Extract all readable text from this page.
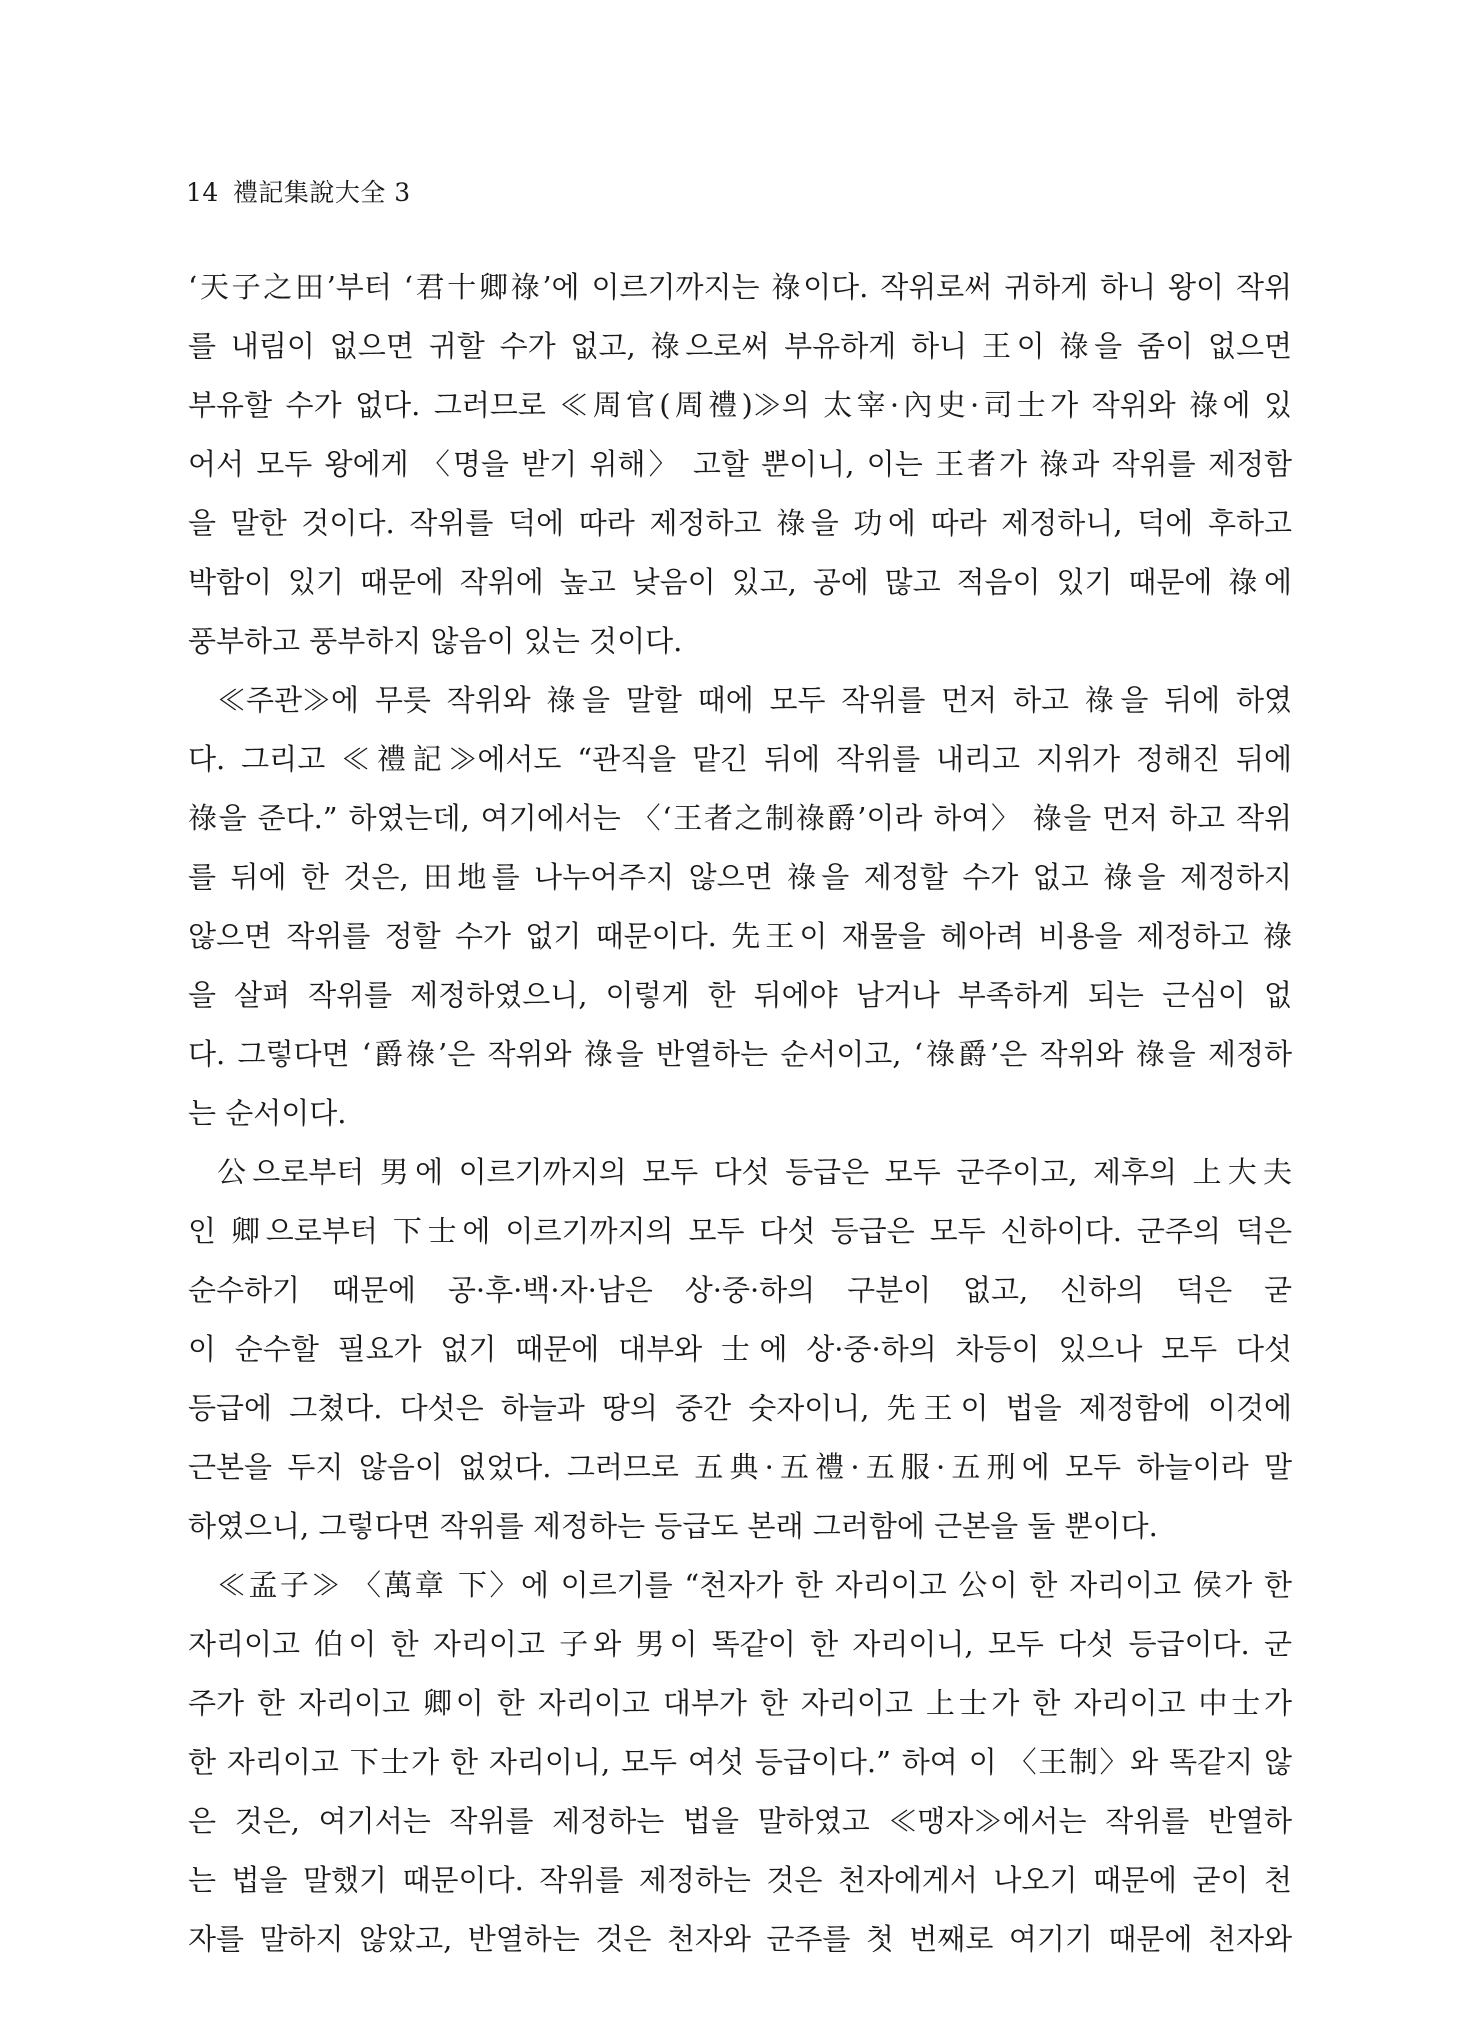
14 禮記集說大全 3
‘天子之田’부터 ‘君十卿祿’에 이르기까지는 祿이다. 작위로써 귀하게 하니 왕이 작위
를 내림이 없으면 귀할 수가 없고, 祿으로써 부유하게 하니 王이 祿을 줌이 없으면
부유할 수가 없다. 그러므로 ≪周官(周禮)≫의 太宰·內史·司士가 작위와 祿에 있
어서 모두 왕에게 〈명을 받기 위해〉 고할 뿐이니, 이는 王者가 祿과 작위를 제정함
을 말한 것이다. 작위를 덕에 따라 제정하고 祿을 功에 따라 제정하니, 덕에 후하고
박함이 있기 때문에 작위에 높고 낮음이 있고, 공에 많고 적음이 있기 때문에 祿에
풍부하고 풍부하지 않음이 있는 것이다.
≪주관≫에 무릇 작위와 祿을 말할 때에 모두 작위를 먼저 하고 祿을 뒤에 하였
다. 그리고 ≪禮記≫에서도 “관직을 맡긴 뒤에 작위를 내리고 지위가 정해진 뒤에
祿을 준다.” 하였는데, 여기에서는 〈‘王者之制祿爵’이라 하여〉 祿을 먼저 하고 작위
를 뒤에 한 것은, 田地를 나누어주지 않으면 祿을 제정할 수가 없고 祿을 제정하지
않으면 작위를 정할 수가 없기 때문이다. 先王이 재물을 헤아려 비용을 제정하고 祿
을 살펴 작위를 제정하였으니, 이렇게 한 뒤에야 남거나 부족하게 되는 근심이 없
다. 그렇다면 ‘爵祿’은 작위와 祿을 반열하는 순서이고, ‘祿爵’은 작위와 祿을 제정하
는 순서이다.
公으로부터 男에 이르기까지의 모두 다섯 등급은 모두 군주이고, 제후의 上大夫
인 卿으로부터 下士에 이르기까지의 모두 다섯 등급은 모두 신하이다. 군주의 덕은
순수하기 때문에 공·후·백·자·남은 상·중·하의 구분이 없고, 신하의 덕은 굳
이 순수할 필요가 없기 때문에 대부와 士에 상·중·하의 차등이 있으나 모두 다섯
등급에 그쳤다. 다섯은 하늘과 땅의 중간 숫자이니, 先王이 법을 제정함에 이것에
근본을 두지 않음이 없었다. 그러므로 五典·五禮·五服·五刑에 모두 하늘이라 말
하였으니, 그렇다면 작위를 제정하는 등급도 본래 그러함에 근본을 둘 뿐이다.
≪孟子≫ 〈萬章 下〉에 이르기를 “천자가 한 자리이고 公이 한 자리이고 侯가 한
자리이고 伯이 한 자리이고 子와 男이 똑같이 한 자리이니, 모두 다섯 등급이다. 군
주가 한 자리이고 卿이 한 자리이고 대부가 한 자리이고 上士가 한 자리이고 中士가
한 자리이고 下士가 한 자리이니, 모두 여섯 등급이다.” 하여 이 〈王制〉와 똑같지 않
은 것은, 여기서는 작위를 제정하는 법을 말하였고 ≪맹자≫에서는 작위를 반열하
는 법을 말했기 때문이다. 작위를 제정하는 것은 천자에게서 나오기 때문에 굳이 천
자를 말하지 않았고, 반열하는 것은 천자와 군주를 첫 번째로 여기기 때문에 천자와
